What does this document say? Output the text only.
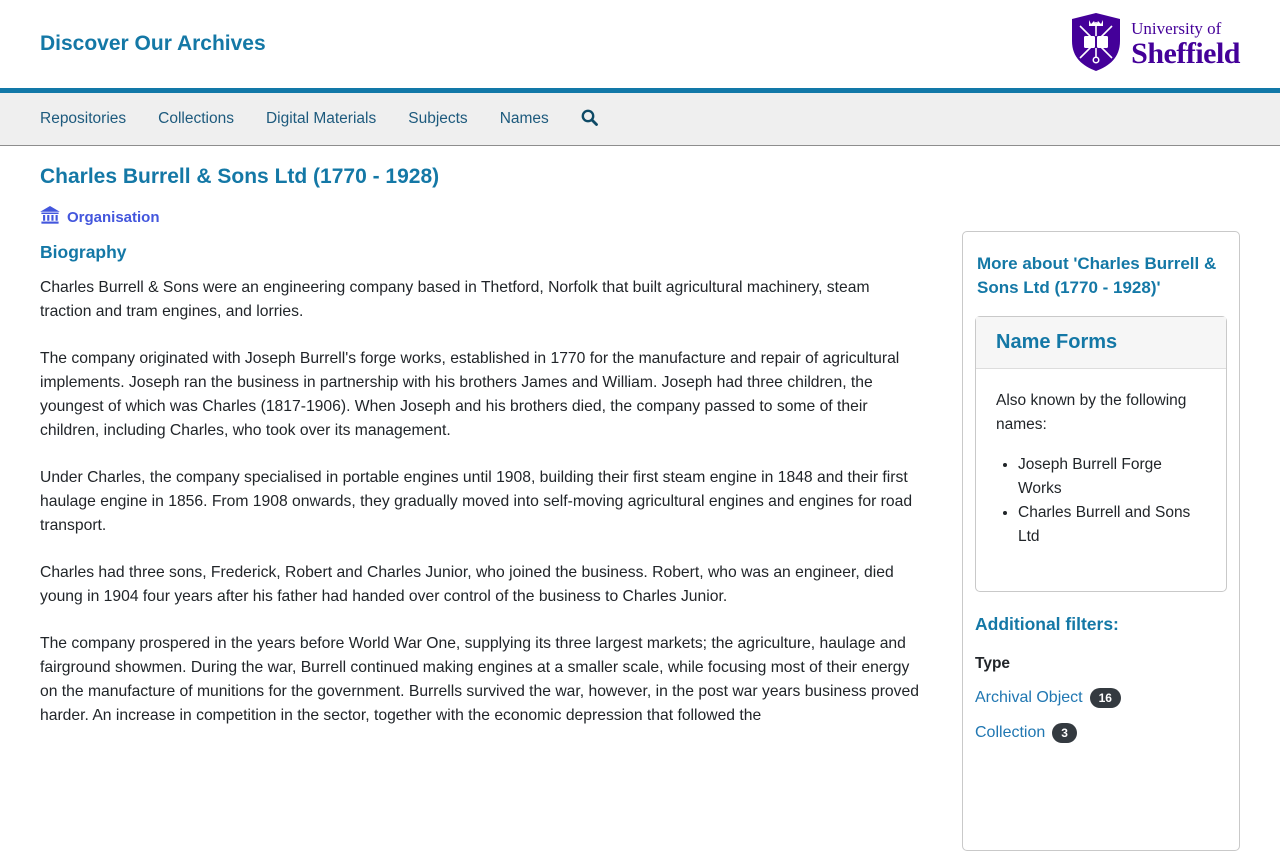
Discover Our Archives
University of
Sheffield
Repositories Collections Digital Materials Subjects Names
Charles Burrell & Sons Ltd (1770 - 1928)
Organisation
Biography

Charles Burrell & Sons were an engineering company based in Thetford, Norfolk that built agricultural machinery, steam traction and tram engines, and lorries.

The company originated with Joseph Burrell's forge works, established in 1770 for the manufacture and repair of agricultural implements. Joseph ran the business in partnership with his brothers James and William. Joseph had three children, the youngest of which was Charles (1817-1906). When Joseph and his brothers died, the company passed to some of their children, including Charles, who took over its management.

Under Charles, the company specialised in portable engines until 1908, building their first steam engine in 1848 and their first haulage engine in 1856. From 1908 onwards, they gradually moved into self-moving agricultural engines and engines for road transport.

Charles had three sons, Frederick, Robert and Charles Junior, who joined the business. Robert, who was an engineer, died young in 1904 four years after his father had handed over control of the business to Charles Junior.

The company prospered in the years before World War One, supplying its three largest markets; the agriculture, haulage and fairground showmen. During the war, Burrell continued making engines at a smaller scale, while focusing most of their energy on the manufacture of munitions for the government. Burrells survived the war, however, in the post war years business proved harder. An increase in competition in the sector, together with the economic depression that followed the

More about 'Charles Burrell & Sons Ltd (1770 - 1928)'
Name Forms
Also known by the following names:
• Joseph Burrell Forge Works
• Charles Burrell and Sons Ltd
Additional filters:
Type
Archival Object	16
Collection	3
